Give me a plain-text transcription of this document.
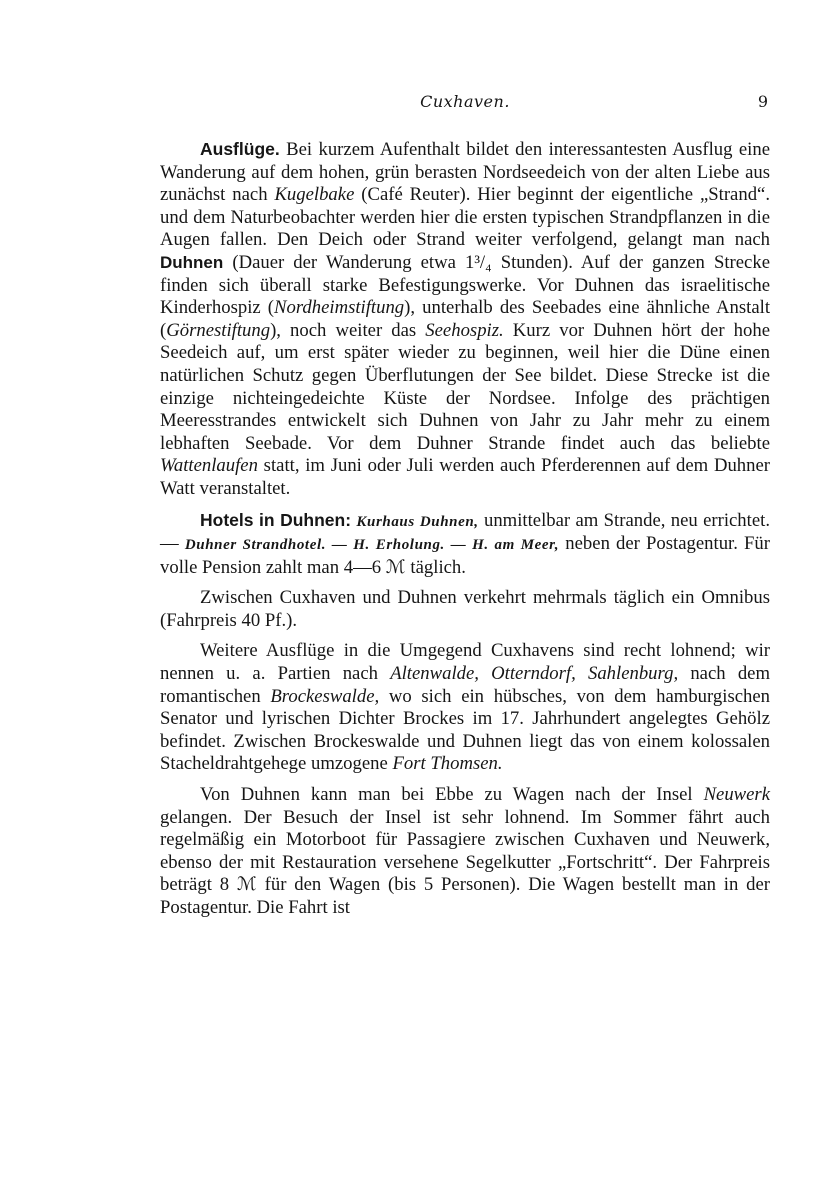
Cuxhaven.	9

Ausflüge. Bei kurzem Aufenthalt bildet den interessantesten Ausflug eine Wanderung auf dem hohen, grün berasten Nordseedeich von der alten Liebe aus zunächst nach Kugelbake (Café Reuter). Hier beginnt der eigentliche „Strand“. und dem Naturbeobachter werden hier die ersten typischen Strandpflanzen in die Augen fallen. Den Deich oder Strand weiter verfolgend, gelangt man nach Duhnen (Dauer der Wanderung etwa 1³/₄ Stunden). Auf der ganzen Strecke finden sich überall starke Befestigungswerke. Vor Duhnen das israelitische Kinderhospiz (Nordheimstiftung), unterhalb des Seebades eine ähnliche Anstalt (Görnestiftung), noch weiter das Seehospiz. Kurz vor Duhnen hört der hohe Seedeich auf, um erst später wieder zu beginnen, weil hier die Düne einen natürlichen Schutz gegen Überflutungen der See bildet. Diese Strecke ist die einzige nichteingedeichte Küste der Nordsee. Infolge des prächtigen Meeresstrandes entwickelt sich Duhnen von Jahr zu Jahr mehr zu einem lebhaften Seebade. Vor dem Duhner Strande findet auch das beliebte Wattenlaufen statt, im Juni oder Juli werden auch Pferderennen auf dem Duhner Watt veranstaltet.

Hotels in Duhnen: Kurhaus Duhnen, unmittelbar am Strande, neu errichtet. — Duhner Strandhotel. — H. Erholung. — H. am Meer, neben der Postagentur. Für volle Pension zahlt man 4—6 ℳ täglich.

Zwischen Cuxhaven und Duhnen verkehrt mehrmals täglich ein Omnibus (Fahrpreis 40 Pf.).

Weitere Ausflüge in die Umgegend Cuxhavens sind recht lohnend; wir nennen u. a. Partien nach Altenwalde, Otterndorf, Sahlenburg, nach dem romantischen Brockeswalde, wo sich ein hübsches, von dem hamburgischen Senator und lyrischen Dichter Brockes im 17. Jahrhundert angelegtes Gehölz befindet. Zwischen Brockeswalde und Duhnen liegt das von einem kolossalen Stacheldrahtgehege umzogene Fort Thomsen.

Von Duhnen kann man bei Ebbe zu Wagen nach der Insel Neuwerk gelangen. Der Besuch der Insel ist sehr lohnend. Im Sommer fährt auch regelmäßig ein Motorboot für Passagiere zwischen Cuxhaven und Neuwerk, ebenso der mit Restauration versehene Segelkutter „Fortschritt“. Der Fahrpreis beträgt 8 ℳ für den Wagen (bis 5 Personen). Die Wagen bestellt man in der Postagentur. Die Fahrt ist
